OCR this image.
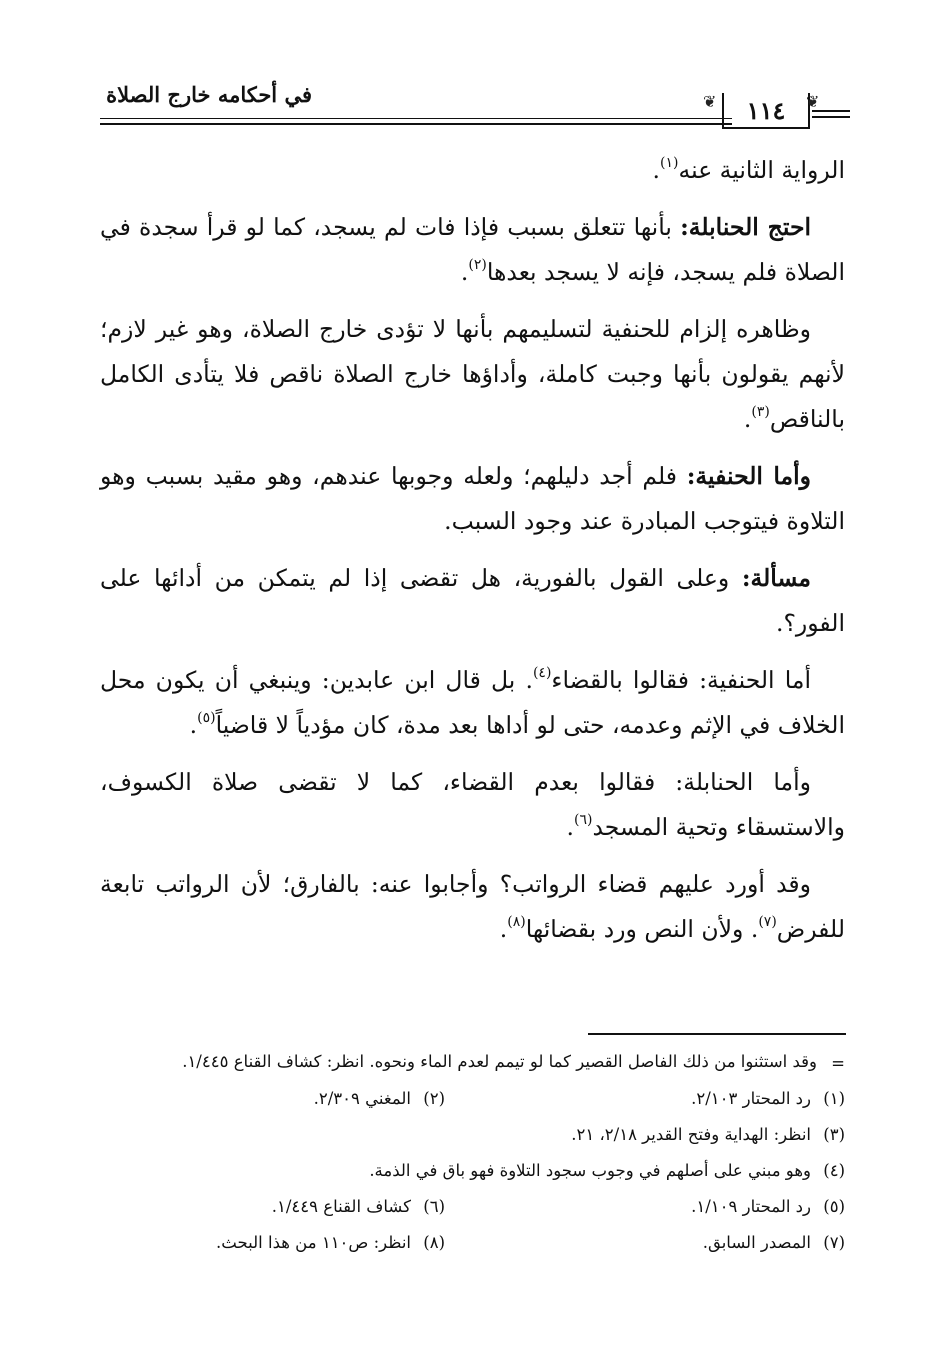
في أحكامه خارج الصلاة	❦ ١١٤ ❦

الرواية الثانية عنه$^{(١)}$.

احتج الحنابلة: بأنها تتعلق بسبب فإذا فات لم يسجد، كما لو قرأ سجدة في الصلاة فلم يسجد، فإنه لا يسجد بعدها$^{(٢)}$.

وظاهره إلزام للحنفية لتسليمهم بأنها لا تؤدى خارج الصلاة، وهو غير لازم؛ لأنهم يقولون بأنها وجبت كاملة، وأداؤها خارج الصلاة ناقص فلا يتأدى الكامل بالناقص$^{(٣)}$.

وأما الحنفية: فلم أجد دليلهم؛ ولعله وجوبها عندهم، وهو مقيد بسبب وهو التلاوة فيتوجب المبادرة عند وجود السبب.

مسألة: وعلى القول بالفورية، هل تقضى إذا لم يتمكن من أدائها على الفور؟.

أما الحنفية: فقالوا بالقضاء$^{(٤)}$. بل قال ابن عابدين: وينبغي أن يكون محل الخلاف في الإثم وعدمه، حتى لو أداها بعد مدة، كان مؤدياً لا قاضياً$^{(٥)}$.

وأما الحنابلة: فقالوا بعدم القضاء، كما لا تقضى صلاة الكسوف، والاستسقاء وتحية المسجد$^{(٦)}$.

وقد أورد عليهم قضاء الرواتب؟ وأجابوا عنه: بالفارق؛ لأن الرواتب تابعة للفرض$^{(٧)}$. ولأن النص ورد بقضائها$^{(٨)}$.

=
وقد استثنوا من ذلك الفاصل القصير كما لو تيمم لعدم الماء ونحوه. انظر: كشاف القناع ١/٤٤٥.
(١)
رد المحتار ٢/١٠٣.
(٢)
المغني ٢/٣٠٩.
(٣)
انظر: الهداية وفتح القدير ٢/١٨، ٢١.
(٤)
وهو مبني على أصلهم في وجوب سجود التلاوة فهو باق في الذمة.
(٥)
رد المحتار ١/١٠٩.
(٦)
كشاف القناع ١/٤٤٩.
(٧)
المصدر السابق.
(٨)
انظر: ص١١٠ من هذا البحث.
